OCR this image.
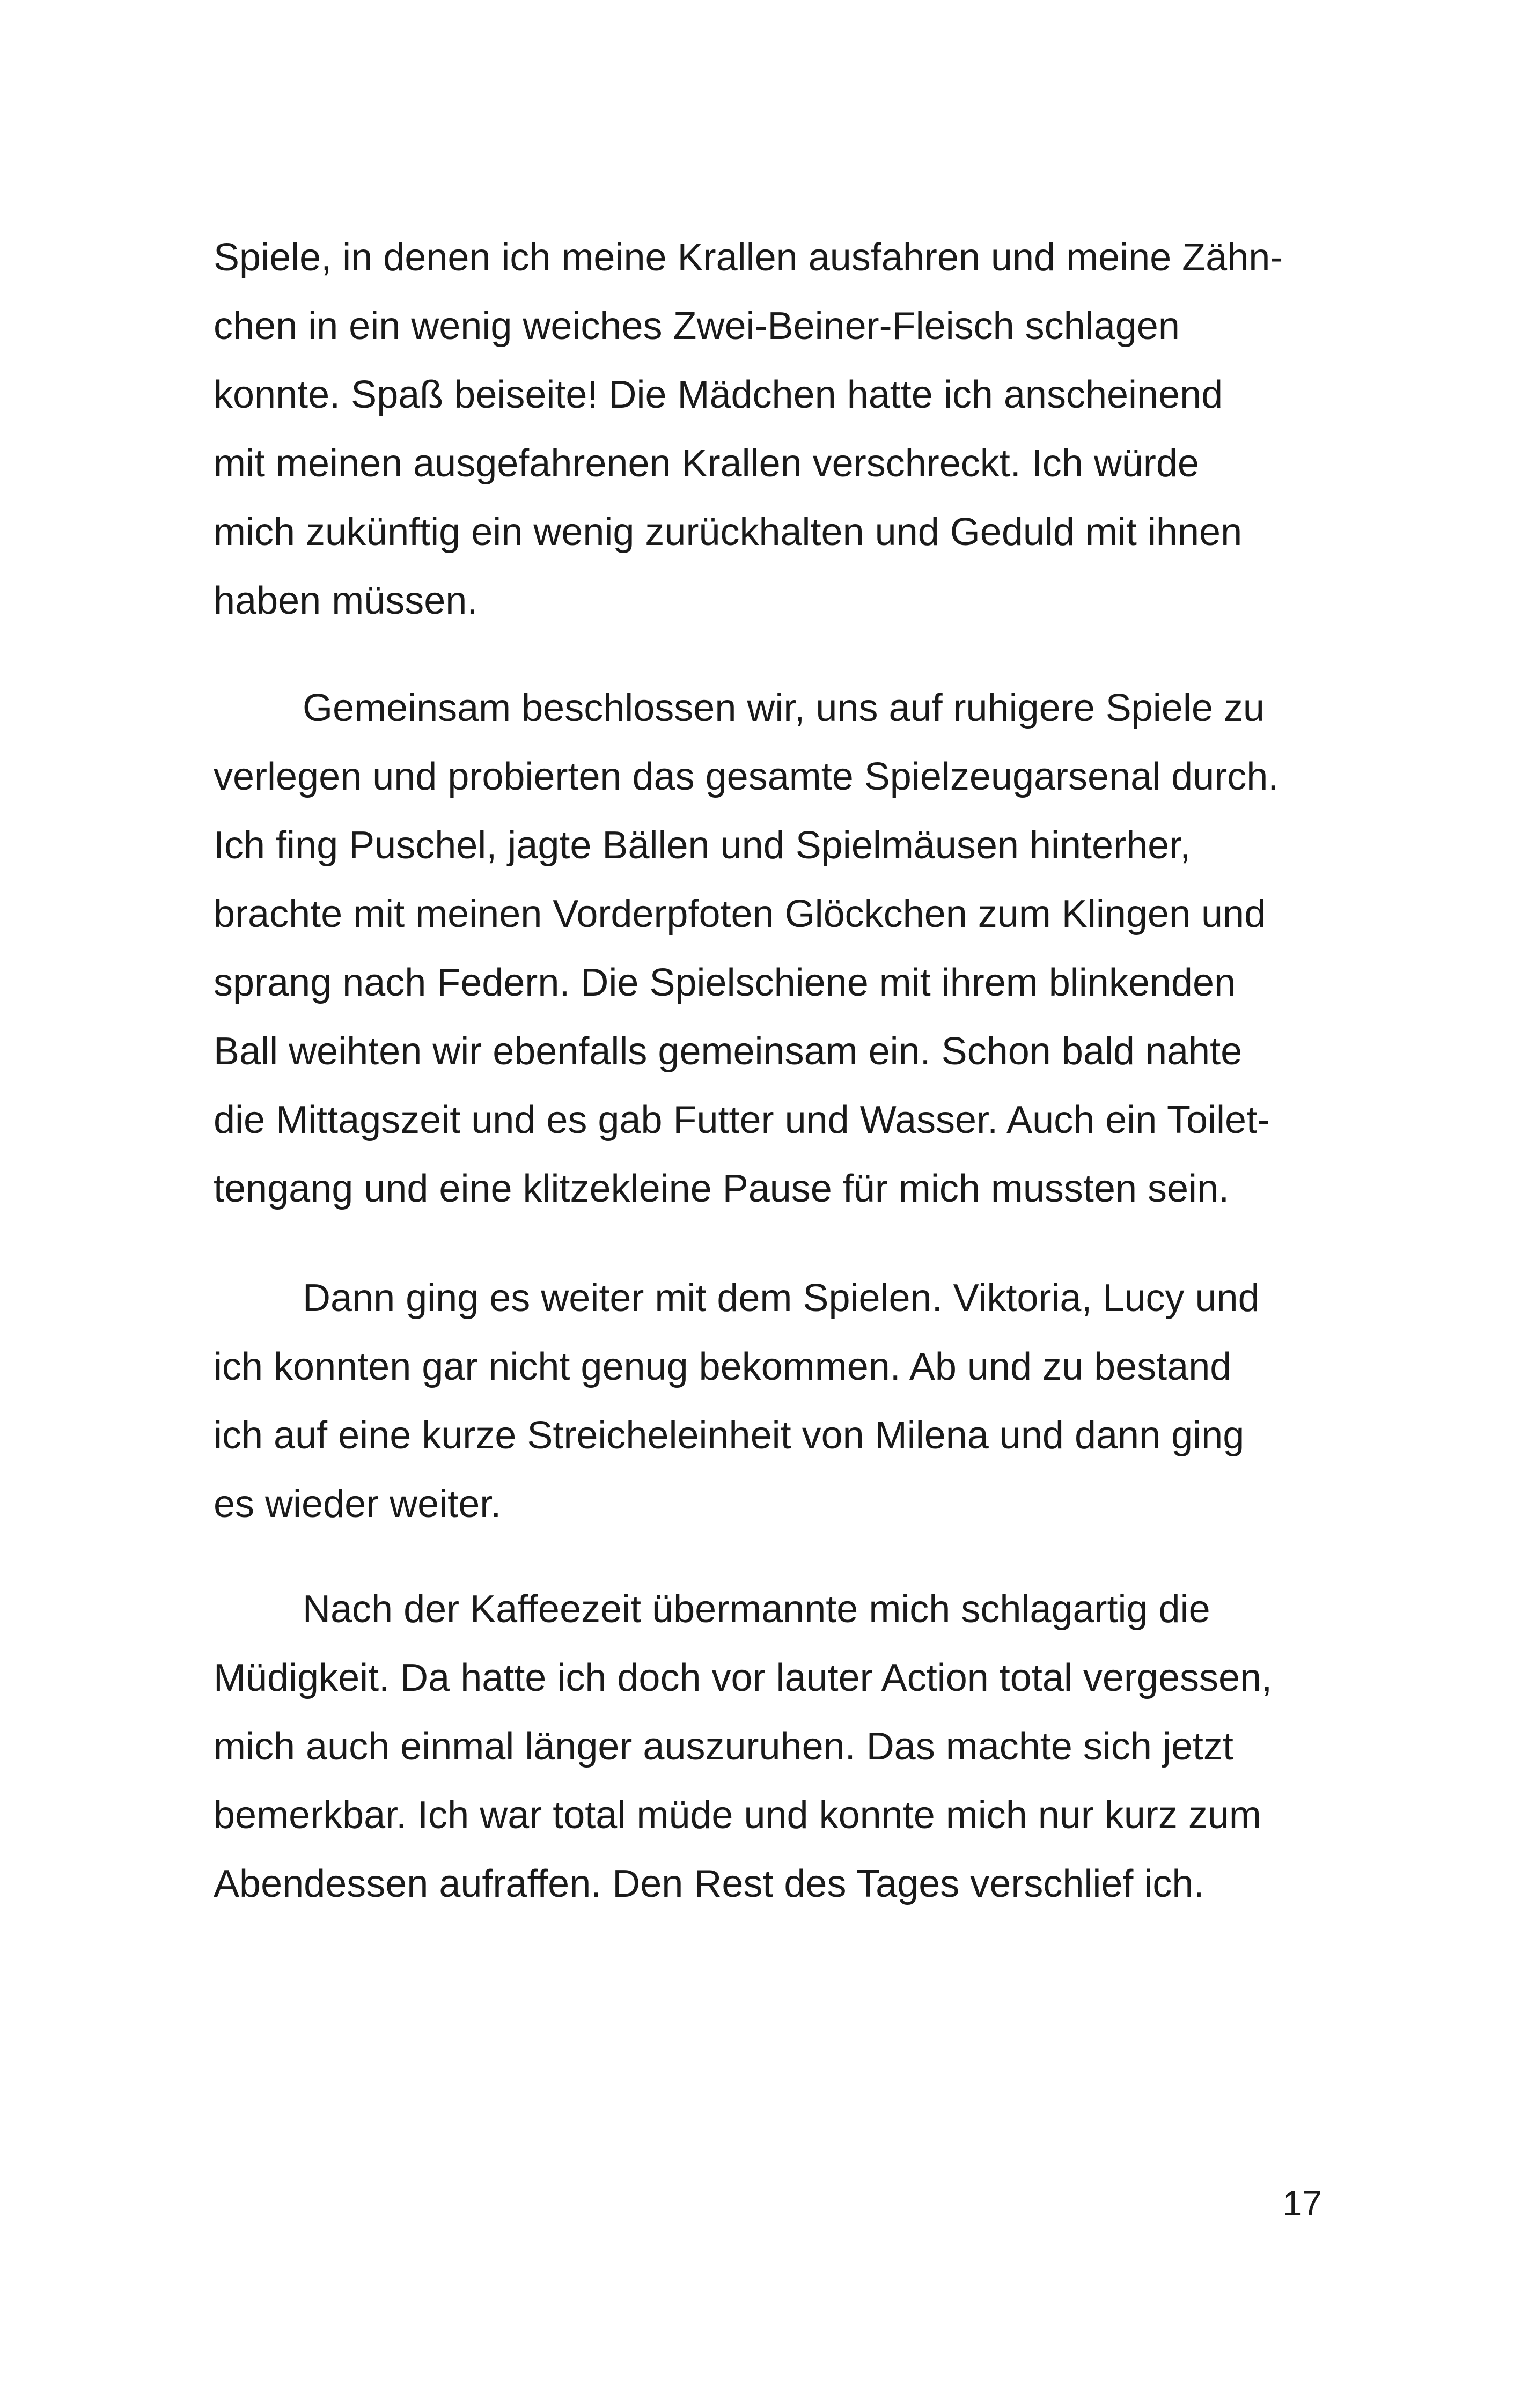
Spiele, in denen ich meine Krallen ausfahren und meine Zähn-
chen in ein wenig weiches Zwei-Beiner-Fleisch schlagen
konnte. Spaß beiseite! Die Mädchen hatte ich anscheinend
mit meinen ausgefahrenen Krallen verschreckt. Ich würde
mich zukünftig ein wenig zurückhalten und Geduld mit ihnen
haben müssen.

Gemeinsam beschlossen wir, uns auf ruhigere Spiele zu
verlegen und probierten das gesamte Spielzeugarsenal durch.
Ich fing Puschel, jagte Bällen und Spielmäusen hinterher,
brachte mit meinen Vorderpfoten Glöckchen zum Klingen und
sprang nach Federn. Die Spielschiene mit ihrem blinkenden
Ball weihten wir ebenfalls gemeinsam ein. Schon bald nahte
die Mittagszeit und es gab Futter und Wasser. Auch ein Toilet-
tengang und eine klitzekleine Pause für mich mussten sein.

Dann ging es weiter mit dem Spielen. Viktoria, Lucy und
ich konnten gar nicht genug bekommen. Ab und zu bestand
ich auf eine kurze Streicheleinheit von Milena und dann ging
es wieder weiter.

Nach der Kaffeezeit übermannte mich schlagartig die
Müdigkeit. Da hatte ich doch vor lauter Action total vergessen,
mich auch einmal länger auszuruhen. Das machte sich jetzt
bemerkbar. Ich war total müde und konnte mich nur kurz zum
Abendessen aufraffen. Den Rest des Tages verschlief ich.

17
